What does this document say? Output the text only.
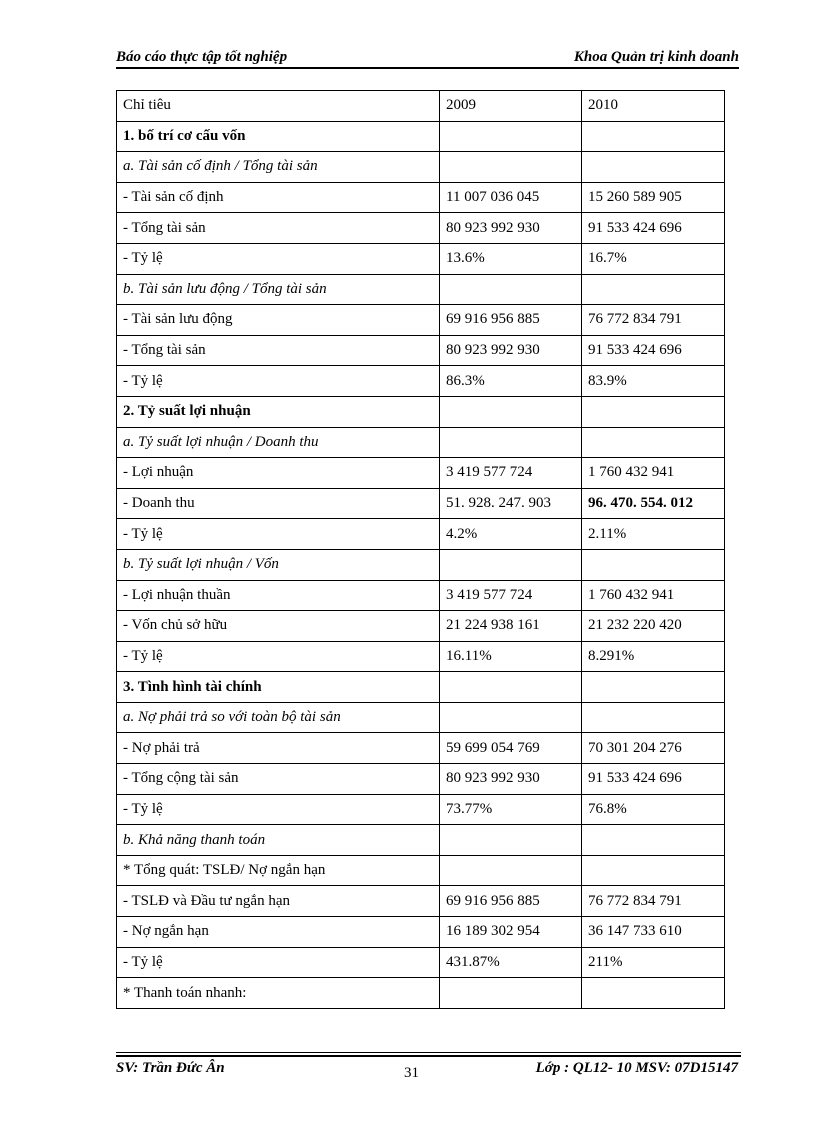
Báo cáo thực tập tốt nghiệp	Khoa Quản trị kinh doanh
Chỉ tiêu	2009	2010
1. bố trí cơ cấu vốn		
a. Tài sản cố định / Tổng tài sản		
- Tài sản cố định	11 007 036 045	15 260 589 905
- Tổng tài sản	80 923 992 930	91 533 424 696
- Tỷ lệ	13.6%	16.7%
b. Tài sản lưu động / Tổng tài sản		
- Tài sản lưu động	69 916 956 885	76 772 834 791
- Tổng tài sản	80 923 992 930	91 533 424 696
- Tỷ lệ	86.3%	83.9%
2. Tỷ suất lợi nhuận		
a. Tỷ suất lợi nhuận / Doanh thu		
- Lợi nhuận	3 419 577 724	1 760 432 941
- Doanh thu	51. 928. 247. 903	96. 470. 554. 012
- Tỷ lệ	4.2%	2.11%
b. Tỷ suất lợi nhuận / Vốn		
- Lợi nhuận thuần	3 419 577 724	1 760 432 941
- Vốn chủ sở hữu	21 224 938 161	21 232 220 420
- Tỷ lệ	16.11%	8.291%
3. Tình hình tài chính		
a. Nợ phải trả so với toàn bộ tài sản		
- Nợ phải trả	59 699 054 769	70 301 204 276
- Tổng cộng tài sản	80 923 992 930	91 533 424 696
- Tỷ lệ	73.77%	76.8%
b. Khả năng thanh toán		
* Tổng quát: TSLĐ/ Nợ ngắn hạn		
- TSLĐ và Đầu tư ngắn hạn	69 916 956 885	76 772 834 791
- Nợ ngắn hạn	16 189 302 954	36 147 733 610
- Tỷ lệ	431.87%	211%
* Thanh toán nhanh:		
SV: Trần Đức Ân	31	Lớp : QL12- 10 MSV: 07D15147
